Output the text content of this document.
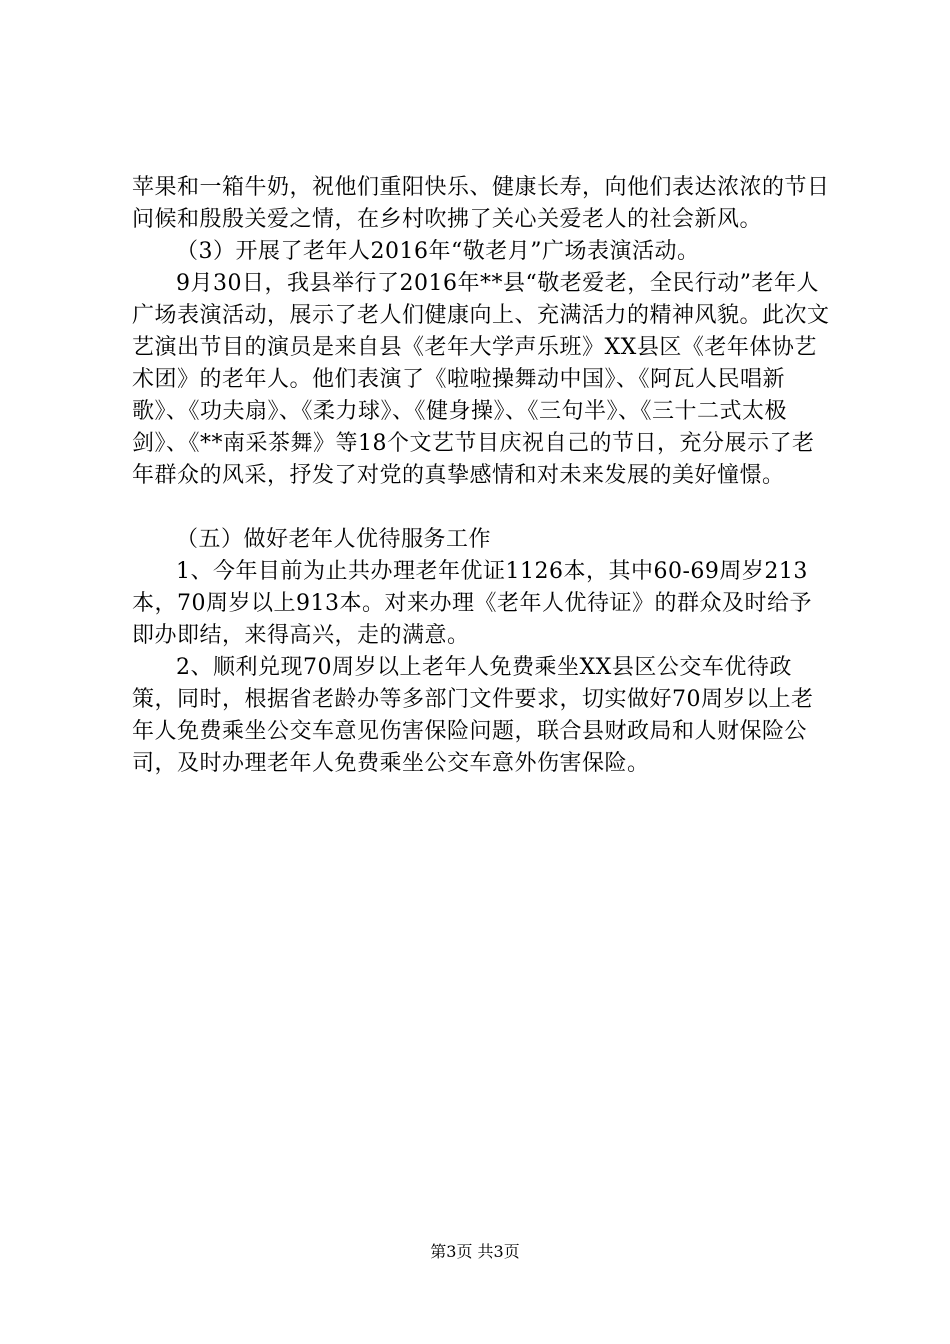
苹果和一箱牛奶，祝他们重阳快乐、健康长寿，向他们表达浓浓的节日问候和殷殷关爱之情，在乡村吹拂了关心关爱老人的社会新风。

（3）开展了老年人2016年“敬老月”广场表演活动。

9月30日，我县举行了2016年**县“敬老爱老，全民行动”老年人广场表演活动，展示了老人们健康向上、充满活力的精神风貌。此次文艺演出节目的演员是来自县《老年大学声乐班》XX县区《老年体协艺术团》的老年人。他们表演了《啦啦操舞动中国》、《阿瓦人民唱新歌》、《功夫扇》、《柔力球》、《健身操》、《三句半》、《三十二式太极剑》、《**南采茶舞》等18个文艺节目庆祝自己的节日，充分展示了老年群众的风采，抒发了对党的真挚感情和对未来发展的美好憧憬。

（五）做好老年人优待服务工作

1、今年目前为止共办理老年优证1126本，其中60-69周岁213本，70周岁以上913本。对来办理《老年人优待证》的群众及时给予即办即结，来得高兴，走的满意。

2、顺利兑现70周岁以上老年人免费乘坐XX县区公交车优待政策，同时，根据省老龄办等多部门文件要求，切实做好70周岁以上老年人免费乘坐公交车意见伤害保险问题，联合县财政局和人财保险公司，及时办理老年人免费乘坐公交车意外伤害保险。

第3页 共3页
